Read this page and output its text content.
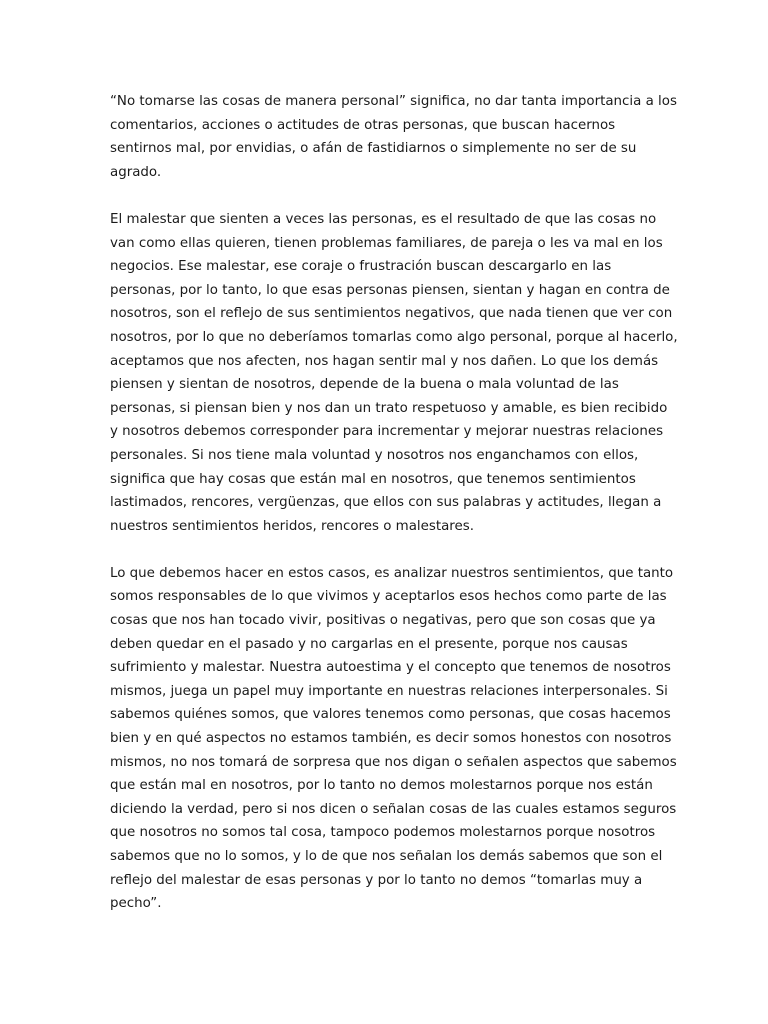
“No tomarse las cosas de manera personal” significa, no dar tanta importancia a los
comentarios, acciones o actitudes de otras personas, que buscan hacernos
sentirnos mal, por envidias, o afán de fastidiarnos o simplemente no ser de su
agrado.

El malestar que sienten a veces las personas, es el resultado de que las cosas no
van como ellas quieren, tienen problemas familiares, de pareja o les va mal en los
negocios. Ese malestar, ese coraje o frustración buscan descargarlo en las
personas, por lo tanto, lo que esas personas piensen, sientan y hagan en contra de
nosotros, son el reflejo de sus sentimientos negativos, que nada tienen que ver con
nosotros, por lo que no deberíamos tomarlas como algo personal, porque al hacerlo,
aceptamos que nos afecten, nos hagan sentir mal y nos dañen. Lo que los demás
piensen y sientan de nosotros, depende de la buena o mala voluntad de las
personas, si piensan bien y nos dan un trato respetuoso y amable, es bien recibido
y nosotros debemos corresponder para incrementar y mejorar nuestras relaciones
personales. Si nos tiene mala voluntad y nosotros nos enganchamos con ellos,
significa que hay cosas que están mal en nosotros, que tenemos sentimientos
lastimados, rencores, vergüenzas, que ellos con sus palabras y actitudes, llegan a
nuestros sentimientos heridos, rencores o malestares.

Lo que debemos hacer en estos casos, es analizar nuestros sentimientos, que tanto
somos responsables de lo que vivimos y aceptarlos esos hechos como parte de las
cosas que nos han tocado vivir, positivas o negativas, pero que son cosas que ya
deben quedar en el pasado y no cargarlas en el presente, porque nos causas
sufrimiento y malestar. Nuestra autoestima y el concepto que tenemos de nosotros
mismos, juega un papel muy importante en nuestras relaciones interpersonales. Si
sabemos quiénes somos, que valores tenemos como personas, que cosas hacemos
bien y en qué aspectos no estamos también, es decir somos honestos con nosotros
mismos, no nos tomará de sorpresa que nos digan o señalen aspectos que sabemos
que están mal en nosotros, por lo tanto no demos molestarnos porque nos están
diciendo la verdad, pero si nos dicen o señalan cosas de las cuales estamos seguros
que nosotros no somos tal cosa, tampoco podemos molestarnos porque nosotros
sabemos que no lo somos, y lo de que nos señalan los demás sabemos que son el
reflejo del malestar de esas personas y por lo tanto no demos “tomarlas muy a
pecho”.
